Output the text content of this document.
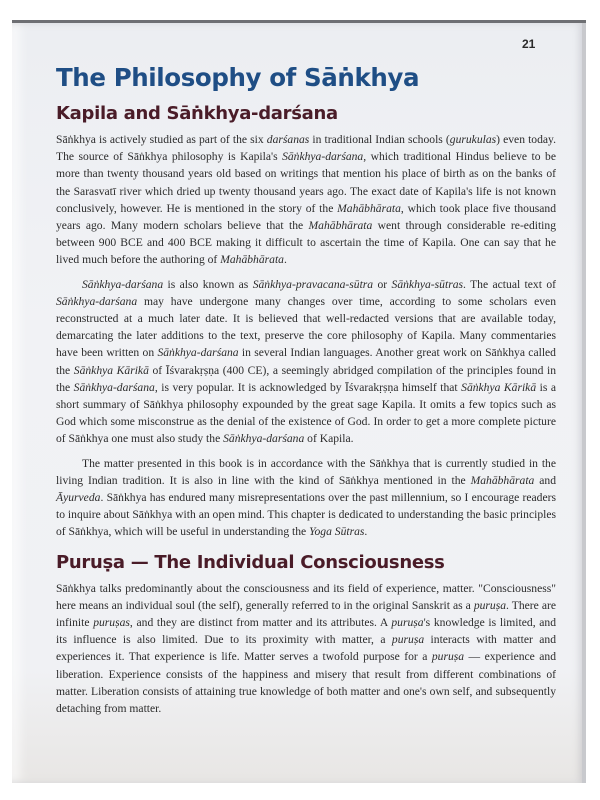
21
The Philosophy of Sāṅkhya
Kapila and Sāṅkhya-darśana

Sāṅkhya is actively studied as part of the six darśanas in traditional Indian schools (gurukulas) even today. The source of Sāṅkhya philosophy is Kapila's Sāṅkhya-darśana, which traditional Hindus believe to be more than twenty thousand years old based on writings that mention his place of birth as on the banks of the Sarasvatī river which dried up twenty thousand years ago. The exact date of Kapila's life is not known conclusively, however. He is mentioned in the story of the Mahābhārata, which took place five thousand years ago. Many modern scholars believe that the Mahābhārata went through considerable re-editing between 900 BCE and 400 BCE making it difficult to ascertain the time of Kapila. One can say that he lived much before the authoring of Mahābhārata.

Sāṅkhya-darśana is also known as Sāṅkhya-pravacana-sūtra or Sāṅkhya-sūtras. The actual text of Sāṅkhya-darśana may have undergone many changes over time, according to some scholars even reconstructed at a much later date. It is believed that well-redacted versions that are available today, demarcating the later additions to the text, preserve the core philosophy of Kapila. Many commentaries have been written on Sāṅkhya-darśana in several Indian languages. Another great work on Sāṅkhya called the Sāṅkhya Kārikā of Īśvarakṛṣṇa (400 CE), a seemingly abridged compilation of the principles found in the Sāṅkhya-darśana, is very popular. It is acknowledged by Īśvarakṛṣṇa himself that Sāṅkhya Kārikā is a short summary of Sāṅkhya philosophy expounded by the great sage Kapila. It omits a few topics such as God which some misconstrue as the denial of the existence of God. In order to get a more complete picture of Sāṅkhya one must also study the Sāṅkhya-darśana of Kapila.

The matter presented in this book is in accordance with the Sāṅkhya that is currently studied in the living Indian tradition. It is also in line with the kind of Sāṅkhya mentioned in the Mahābhārata and Āyurveda. Sāṅkhya has endured many misrepresentations over the past millennium, so I encourage readers to inquire about Sāṅkhya with an open mind. This chapter is dedicated to understanding the basic principles of Sāṅkhya, which will be useful in understanding the Yoga Sūtras.

Puruṣa — The Individual Consciousness

Sāṅkhya talks predominantly about the consciousness and its field of experience, matter. "Consciousness" here means an individual soul (the self), generally referred to in the original Sanskrit as a puruṣa. There are infinite puruṣas, and they are distinct from matter and its attributes. A puruṣa's knowledge is limited, and its influence is also limited. Due to its proximity with matter, a puruṣa interacts with matter and experiences it. That experience is life. Matter serves a twofold purpose for a puruṣa — experience and liberation. Experience consists of the happiness and misery that result from different combinations of matter. Liberation consists of attaining true knowledge of both matter and one's own self, and subsequently detaching from matter.
